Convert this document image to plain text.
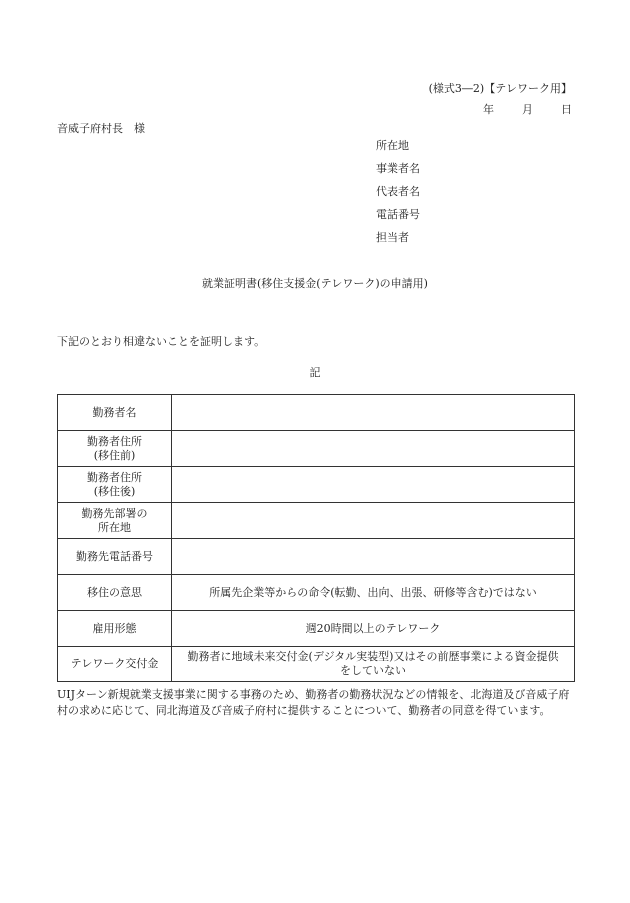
(様式3―2)【テレワーク用】
年	月	日
音威子府村長　様
所在地
事業者名
代表者名
電話番号
担当者
就業証明書(移住支援金(テレワーク)の申請用)
下記のとおり相違ないことを証明します。
記
勤務者名	

勤務者住所
(移住前)	

勤務者住所
(移住後)	

勤務先部署の
所在地	

勤務先電話番号	

移住の意思	所属先企業等からの命令(転勤、出向、出張、研修等含む)ではない

雇用形態	週20時間以上のテレワーク

テレワーク交付金	勤務者に地域未来交付金(デジタル実装型)又はその前歴事業による資金提供
をしていない
UIJターン新規就業支援事業に関する事務のため、勤務者の勤務状況などの情報を、北海道及び音威子府村の求めに応じて、同北海道及び音威子府村に提供することについて、勤務者の同意を得ています。
